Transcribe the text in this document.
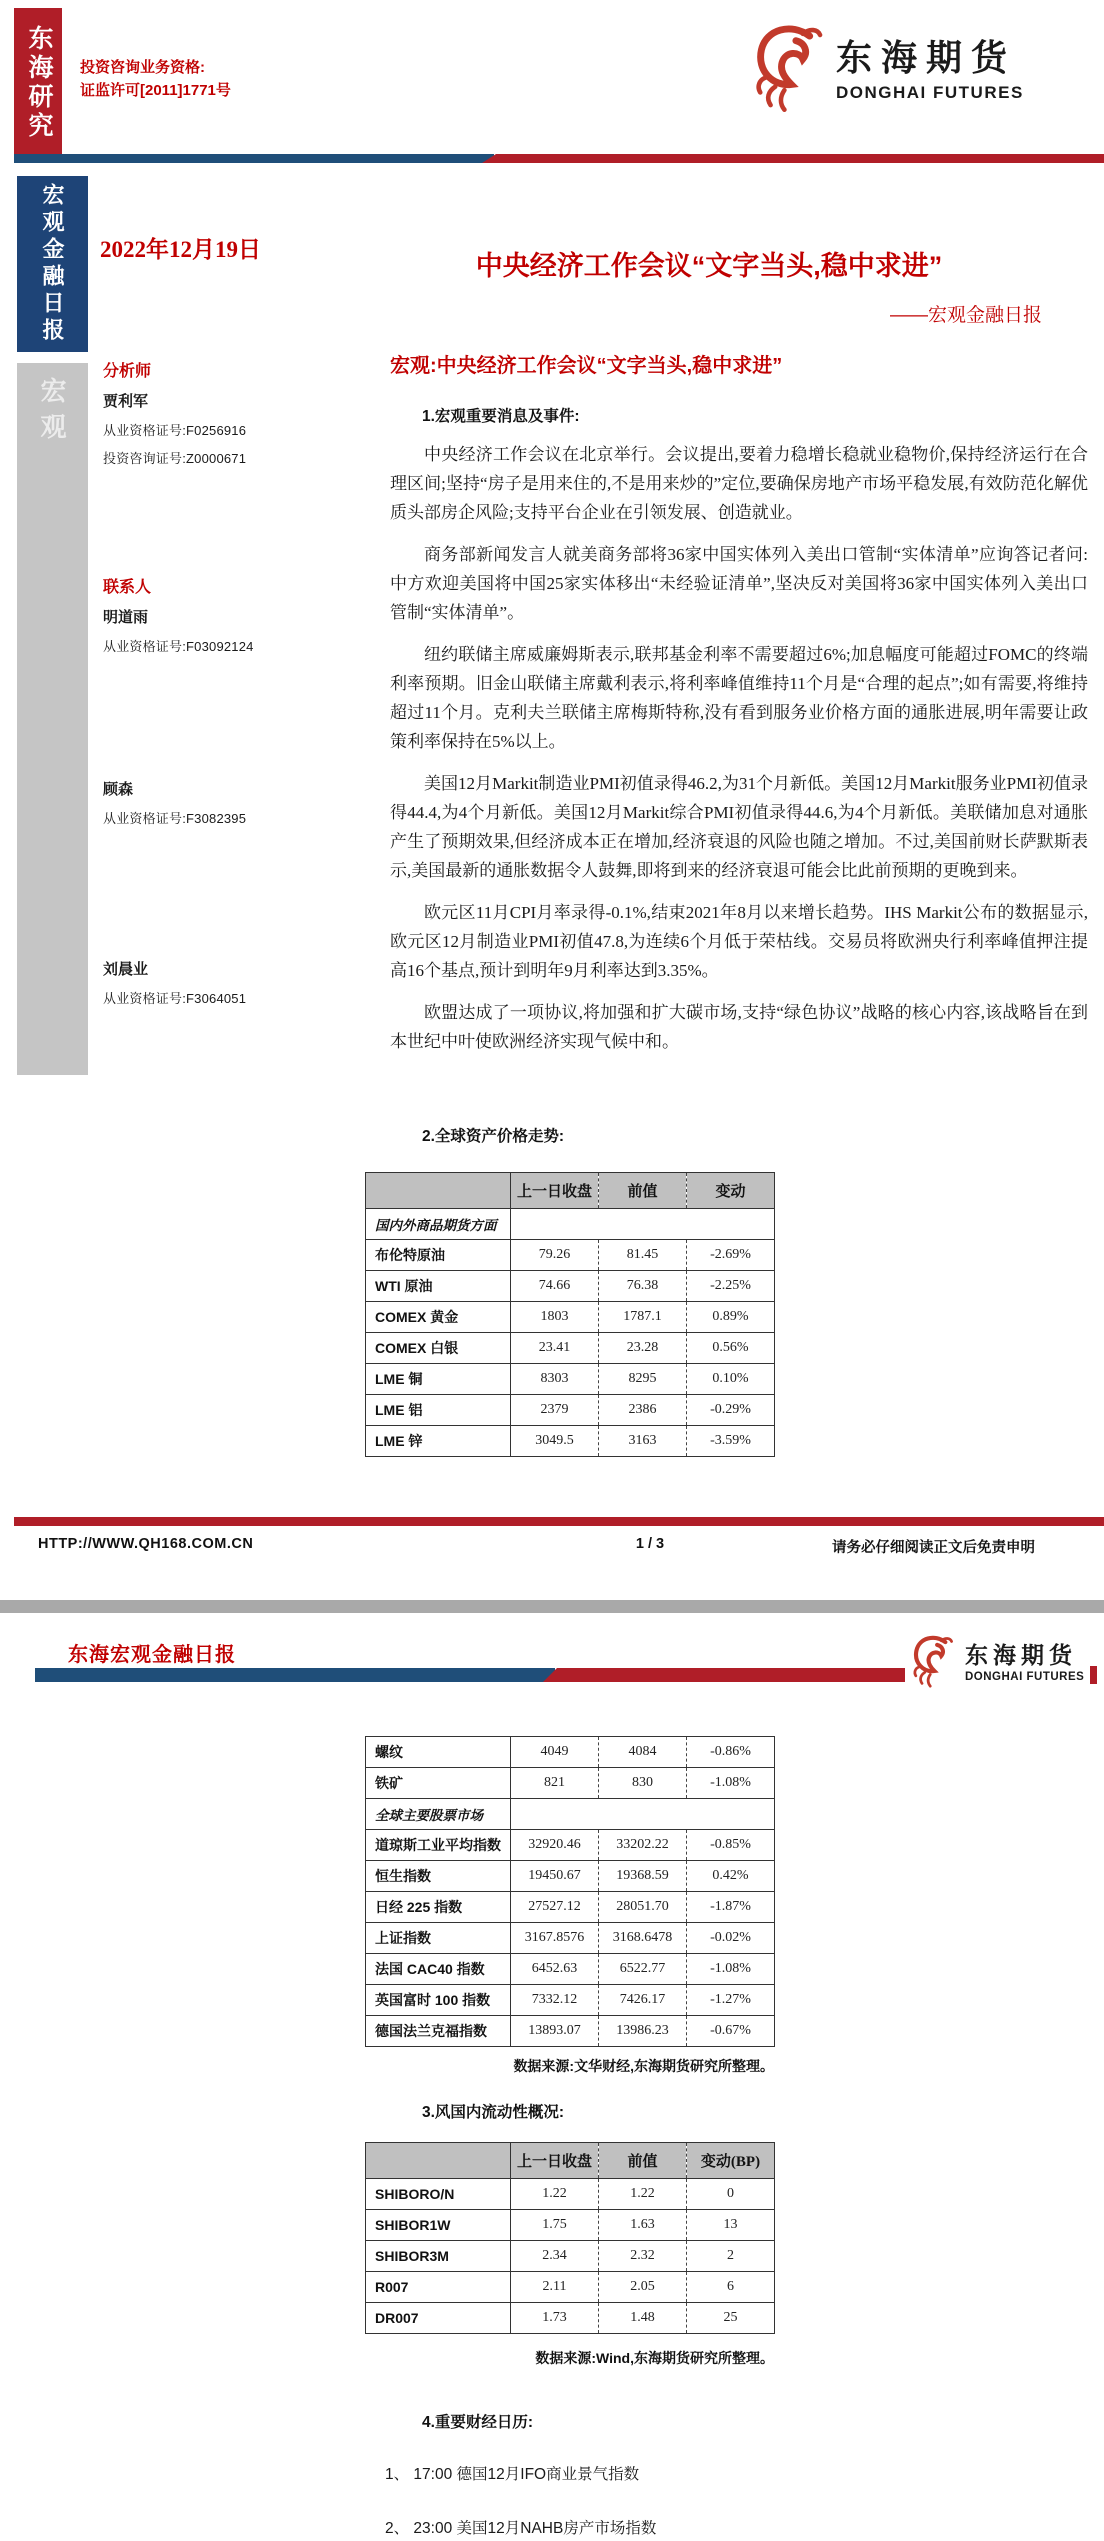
东海研究 投资咨询业务资格:
证监许可[2011]1771号
东海期货
DONGHAI FUTURES
宏观金融日报
宏观
2022年12月19日
中央经济工作会议“文字当头,稳中求进”
——宏观金融日报
分析师
贾利军
从业资格证号:F0256916
投资咨询证号:Z0000671
联系人
明道雨
从业资格证号:F03092124
顾森
从业资格证号:F3082395
刘晨业
从业资格证号:F3064051
宏观:中央经济工作会议“文字当头,稳中求进”
1.宏观重要消息及事件:

中央经济工作会议在北京举行。会议提出,要着力稳增长稳就业稳物价,保持经济运行在合理区间;坚持“房子是用来住的,不是用来炒的”定位,要确保房地产市场平稳发展,有效防范化解优质头部房企风险;支持平台企业在引领发展、创造就业。

商务部新闻发言人就美商务部将36家中国实体列入美出口管制“实体清单”应询答记者问:中方欢迎美国将中国25家实体移出“未经验证清单”,坚决反对美国将36家中国实体列入美出口管制“实体清单”。

纽约联储主席威廉姆斯表示,联邦基金利率不需要超过6%;加息幅度可能超过FOMC的终端利率预期。旧金山联储主席戴利表示,将利率峰值维持11个月是“合理的起点”;如有需要,将维持超过11个月。克利夫兰联储主席梅斯特称,没有看到服务业价格方面的通胀进展,明年需要让政策利率保持在5%以上。

美国12月Markit制造业PMI初值录得46.2,为31个月新低。美国12月Markit服务业PMI初值录得44.4,为4个月新低。美国12月Markit综合PMI初值录得44.6,为4个月新低。美联储加息对通胀产生了预期效果,但经济成本正在增加,经济衰退的风险也随之增加。不过,美国前财长萨默斯表示,美国最新的通胀数据令人鼓舞,即将到来的经济衰退可能会比此前预期的更晚到来。

欧元区11月CPI月率录得-0.1%,结束2021年8月以来增长趋势。IHS Markit公布的数据显示,欧元区12月制造业PMI初值47.8,为连续6个月低于荣枯线。交易员将欧洲央行利率峰值押注提高16个基点,预计到明年9月利率达到3.35%。

欧盟达成了一项协议,将加强和扩大碳市场,支持“绿色协议”战略的核心内容,该战略旨在到本世纪中叶使欧洲经济实现气候中和。

2.全球资产价格走势:
	上一日收盘	前值	变动
国内外商品期货方面			
布伦特原油	79.26	81.45	-2.69%
WTI 原油	74.66	76.38	-2.25%
COMEX 黄金	1803	1787.1	0.89%
COMEX 白银	23.41	23.28	0.56%
LME 铜	8303	8295	0.10%
LME 铝	2379	2386	-0.29%
LME 锌	3049.5	3163	-3.59%
HTTP://WWW.QH168.COM.CN	1 / 3	请务必仔细阅读正文后免责申明
东海宏观金融日报	东海期货
DONGHAI FUTURES
螺纹	4049	4084	-0.86%
铁矿	821	830	-1.08%
全球主要股票市场			
道琼斯工业平均指数	32920.46	33202.22	-0.85%
恒生指数	19450.67	19368.59	0.42%
日经 225 指数	27527.12	28051.70	-1.87%
上证指数	3167.8576	3168.6478	-0.02%
法国 CAC40 指数	6452.63	6522.77	-1.08%
英国富时 100 指数	7332.12	7426.17	-1.27%
德国法兰克福指数	13893.07	13986.23	-0.67%
数据来源:文华财经,东海期货研究所整理。
3.风国内流动性概况:
	上一日收盘	前值	变动(BP)
SHIBORO/N	1.22	1.22	0
SHIBOR1W	1.75	1.63	13
SHIBOR3M	2.34	2.32	2
R007	2.11	2.05	6
DR007	1.73	1.48	25
数据来源:Wind,东海期货研究所整理。
4.重要财经日历:
1、 17:00 德国12月IFO商业景气指数
2、 23:00 美国12月NAHB房产市场指数
